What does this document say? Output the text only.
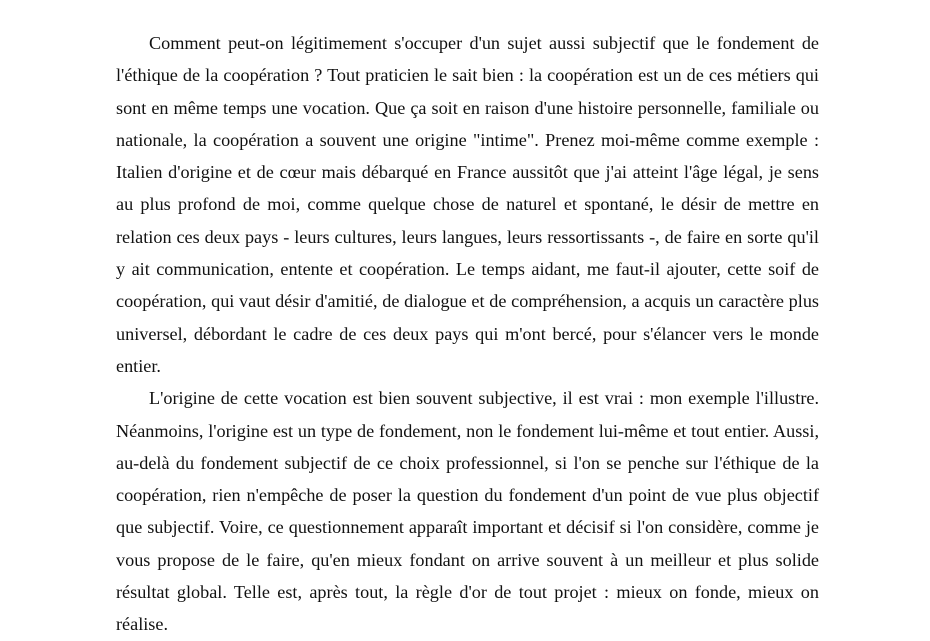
Comment peut-on légitimement s'occuper d'un sujet aussi subjectif que le fondement de l'éthique de la coopération ? Tout praticien le sait bien : la coopération est un de ces métiers qui sont en même temps une vocation. Que ça soit en raison d'une histoire personnelle, familiale ou nationale, la coopération a souvent une origine "intime". Prenez moi-même comme exemple : Italien d'origine et de cœur mais débarqué en France aussitôt que j'ai atteint l'âge légal, je sens au plus profond de moi, comme quelque chose de naturel et spontané, le désir de mettre en relation ces deux pays - leurs cultures, leurs langues, leurs ressortissants -, de faire en sorte qu'il y ait communication, entente et coopération. Le temps aidant, me faut-il ajouter, cette soif de coopération, qui vaut désir d'amitié, de dialogue et de compréhension, a acquis un caractère plus universel, débordant le cadre de ces deux pays qui m'ont bercé, pour s'élancer vers le monde entier.

L'origine de cette vocation est bien souvent subjective, il est vrai : mon exemple l'illustre. Néanmoins, l'origine est un type de fondement, non le fondement lui-même et tout entier. Aussi, au-delà du fondement subjectif de ce choix professionnel, si l'on se penche sur l'éthique de la coopération, rien n'empêche de poser la question du fondement d'un point de vue plus objectif que subjectif. Voire, ce questionnement apparaît important et décisif si l'on considère, comme je vous propose de le faire, qu'en mieux fondant on arrive souvent à un meilleur et plus solide résultat global. Telle est, après tout, la règle d'or de tout projet : mieux on fonde, mieux on réalise.
